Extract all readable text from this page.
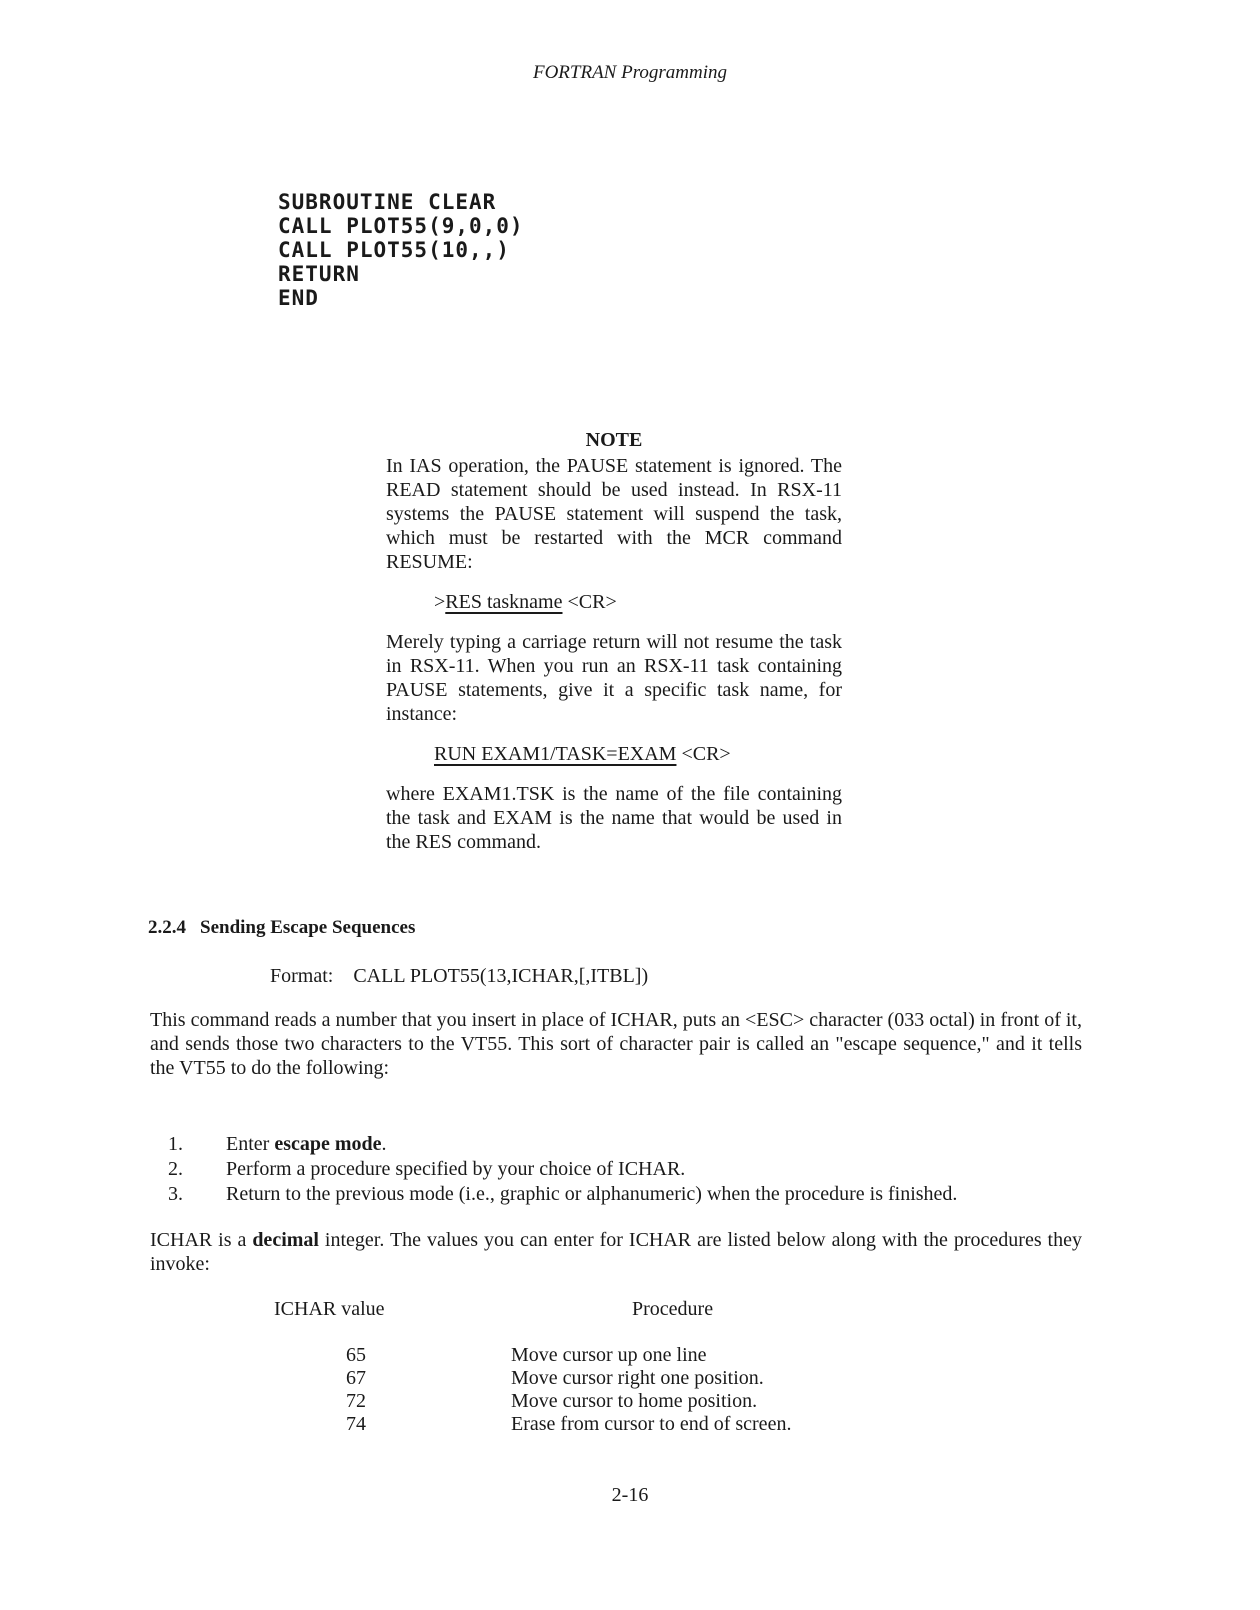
FORTRAN Programming
SUBROUTINE CLEAR
CALL PLOT55(9,0,0)
CALL PLOT55(10,,)
RETURN
END
NOTE
In IAS operation, the PAUSE statement is ignored. The READ statement should be used instead. In RSX-11 systems the PAUSE statement will suspend the task, which must be restarted with the MCR command RESUME:
>RES taskname <CR>
Merely typing a carriage return will not resume the task in RSX-11. When you run an RSX-11 task containing PAUSE statements, give it a specific task name, for instance:
RUN EXAM1/TASK=EXAM <CR>
where EXAM1.TSK is the name of the file containing the task and EXAM is the name that would be used in the RES command.
2.2.4 Sending Escape Sequences
Format: CALL PLOT55(13,ICHAR,[,ITBL])
This command reads a number that you insert in place of ICHAR, puts an <ESC> character (033 octal) in front of it, and sends those two characters to the VT55. This sort of character pair is called an "escape sequence," and it tells the VT55 to do the following:
1.	Enter escape mode.
2.	Perform a procedure specified by your choice of ICHAR.
3.	Return to the previous mode (i.e., graphic or alphanumeric) when the procedure is finished.
ICHAR is a decimal integer. The values you can enter for ICHAR are listed below along with the procedures they invoke:
ICHAR value	Procedure
65	Move cursor up one line
67	Move cursor right one position.
72	Move cursor to home position.
74	Erase from cursor to end of screen.
2-16
